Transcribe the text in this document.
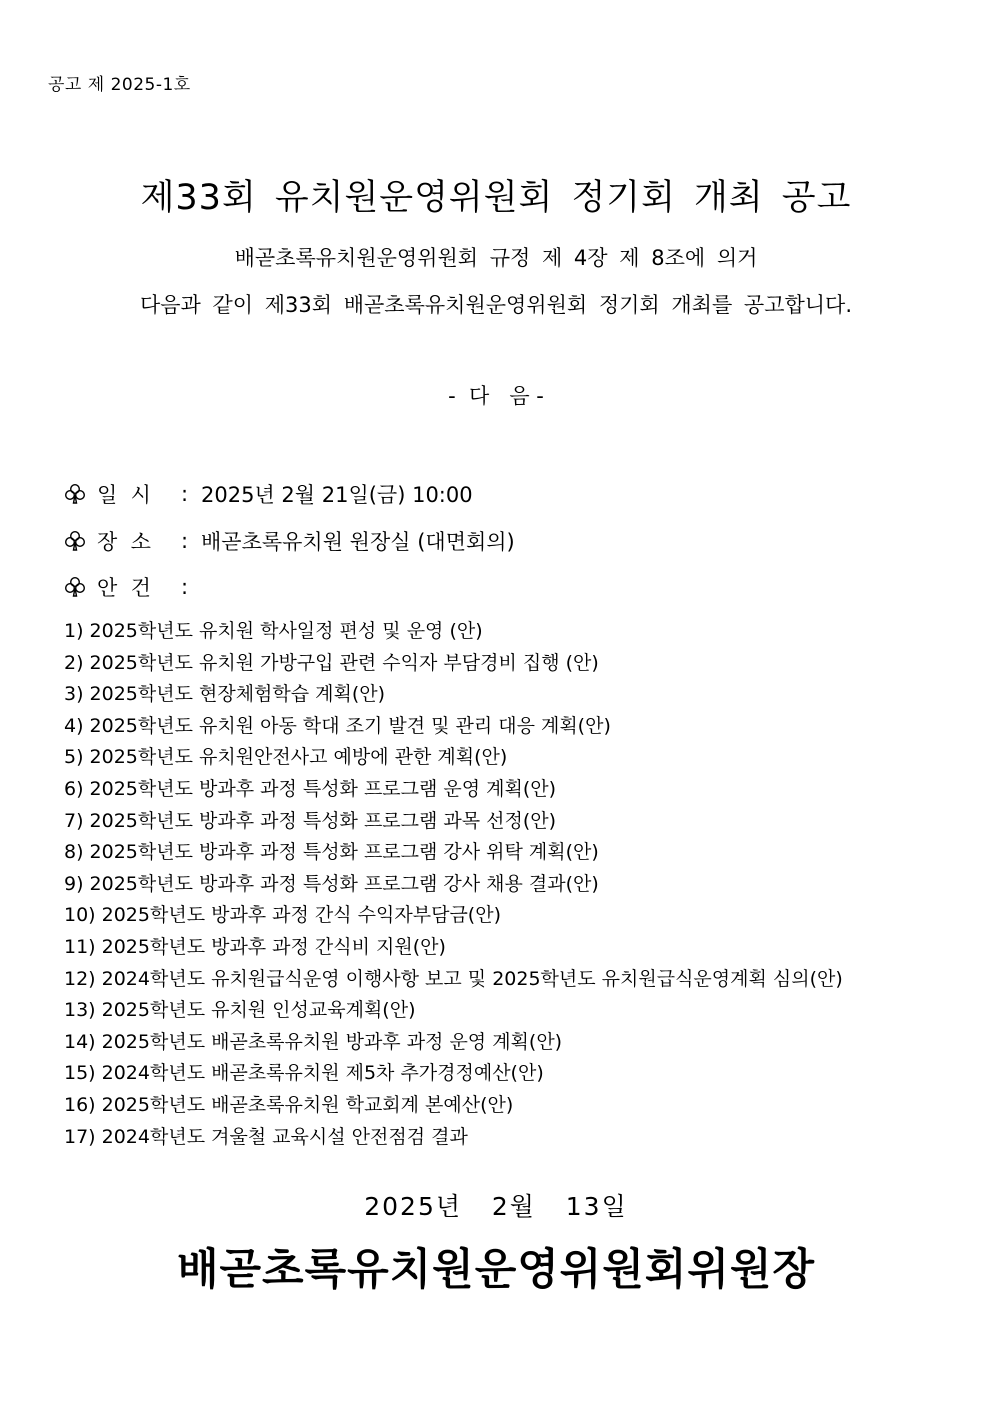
공고 제 2025-1호
제33회 유치원운영위원회 정기회 개최 공고
배곧초록유치원운영위원회 규정 제 4장 제 8조에 의거
다음과 같이 제33회 배곧초록유치원운영위원회 정기회 개최를 공고합니다.
-  다   음 -
일  시	: 2025년 2월 21일(금) 10:00
장  소	: 배곧초록유치원 원장실 (대면회의)
안  건	:
1) 2025학년도 유치원 학사일정 편성 및 운영 (안)
2) 2025학년도 유치원 가방구입 관련 수익자 부담경비 집행 (안)
3) 2025학년도 현장체험학습 계획(안)
4) 2025학년도 유치원 아동 학대 조기 발견 및 관리 대응 계획(안)
5) 2025학년도 유치원안전사고 예방에 관한 계획(안)
6) 2025학년도 방과후 과정 특성화 프로그램 운영 계획(안)
7) 2025학년도 방과후 과정 특성화 프로그램 과목 선정(안)
8) 2025학년도 방과후 과정 특성화 프로그램 강사 위탁 계획(안)
9) 2025학년도 방과후 과정 특성화 프로그램 강사 채용 결과(안)
10) 2025학년도 방과후 과정 간식 수익자부담금(안)
11) 2025학년도 방과후 과정 간식비 지원(안)
12) 2024학년도 유치원급식운영 이행사항 보고 및 2025학년도 유치원급식운영계획 심의(안)
13) 2025학년도 유치원 인성교육계획(안)
14) 2025학년도 배곧초록유치원 방과후 과정 운영 계획(안)
15) 2024학년도 배곧초록유치원 제5차 추가경정예산(안)
16) 2025학년도 배곧초록유치원 학교회계 본예산(안)
17) 2024학년도 겨울철 교육시설 안전점검 결과
2025년   2월   13일
배곧초록유치원운영위원회위원장
